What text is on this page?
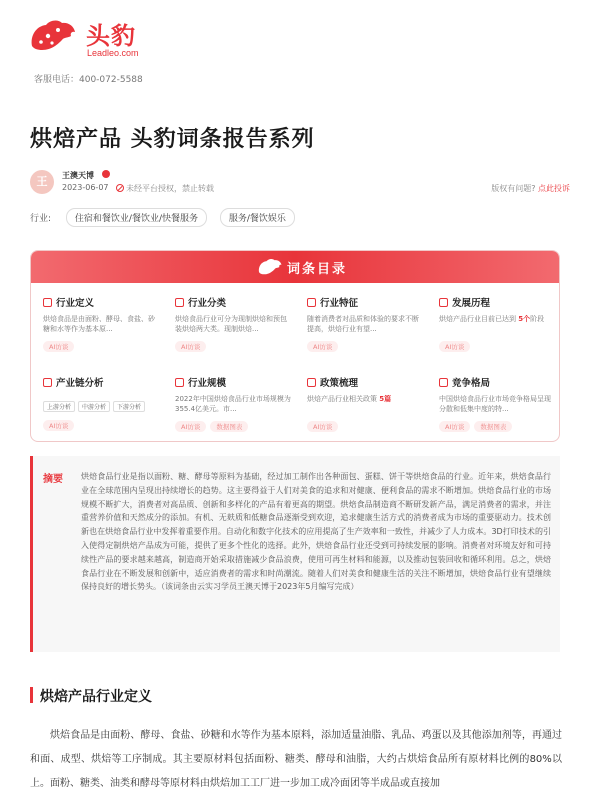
头豹
Leadleo.com
客服电话：400-072-5588
烘焙产品 头豹词条报告系列
王	王澳天博
2023-06-07	未经平台授权，禁止转载	版权有问题? 点此投诉
行业:	住宿和餐饮业/餐饮业/快餐服务	服务/餐饮娱乐
词条目录
行业定义
烘焙食品是由面粉、酵母、食盐、砂糖和水等作为基本原...
AI访谈
行业分类
烘焙食品行业可分为现制烘焙和预包装烘焙两大类。现制烘焙...
AI访谈
行业特征
随着消费者对品质和体验的要求不断提高，烘焙行业有望...
AI访谈
发展历程
烘焙产品行业目前已达到 5个阶段
AI访谈
产业链分析
上游分析 中游分析 下游分析
AI访谈
行业规模
2022年中国烘焙食品行业市场规模为355.4亿美元。市...
AI访谈 数据图表
政策梳理
烘焙产品行业相关政策 5篇
AI访谈
竞争格局
中国烘焙食品行业市场竞争格局呈现分散和低集中度的特...
AI访谈 数据图表
摘要 烘焙食品行业是指以面粉、糖、酵母等原料为基础，经过加工制作出各种面包、蛋糕、饼干等烘焙食品的行业。近年来，烘焙食品行业在全球范围内呈现出持续增长的趋势。这主要得益于人们对美食的追求和对健康、便利食品的需求不断增加。烘焙食品行业的市场规模不断扩大，消费者对高品质、创新和多样化的产品有着更高的期望。烘焙食品制造商不断研发新产品，满足消费者的需求，并注重营养价值和天然成分的添加。有机、无麸质和低糖食品逐渐受到欢迎，追求健康生活方式的消费者成为市场的重要驱动力。技术创新也在烘焙食品行业中发挥着重要作用。自动化和数字化技术的应用提高了生产效率和一致性，并减少了人力成本。3D打印技术的引入使得定制烘焙产品成为可能，提供了更多个性化的选择。此外，烘焙食品行业还受到可持续发展的影响。消费者对环境友好和可持续性产品的要求越来越高，制造商开始采取措施减少食品浪费，使用可再生材料和能源，以及推动包装回收和循环利用。总之，烘焙食品行业在不断发展和创新中，适应消费者的需求和时尚潮流。随着人们对美食和健康生活的关注不断增加，烘焙食品行业有望继续保持良好的增长势头。（该词条由云实习学员王澳天博于2023年5月编写完成）
烘焙产品行业定义
烘焙食品是由面粉、酵母、食盐、砂糖和水等作为基本原料，添加适量油脂、乳品、鸡蛋以及其他添加剂等，再通过和面、成型、烘焙等工序制成。其主要原材料包括面粉、糖类、酵母和油脂，大约占烘焙食品所有原材料比例的80%以上。面粉、糖类、油类和酵母等原材料由烘焙加工工厂进一步加工成冷面团等半成品或直接加
